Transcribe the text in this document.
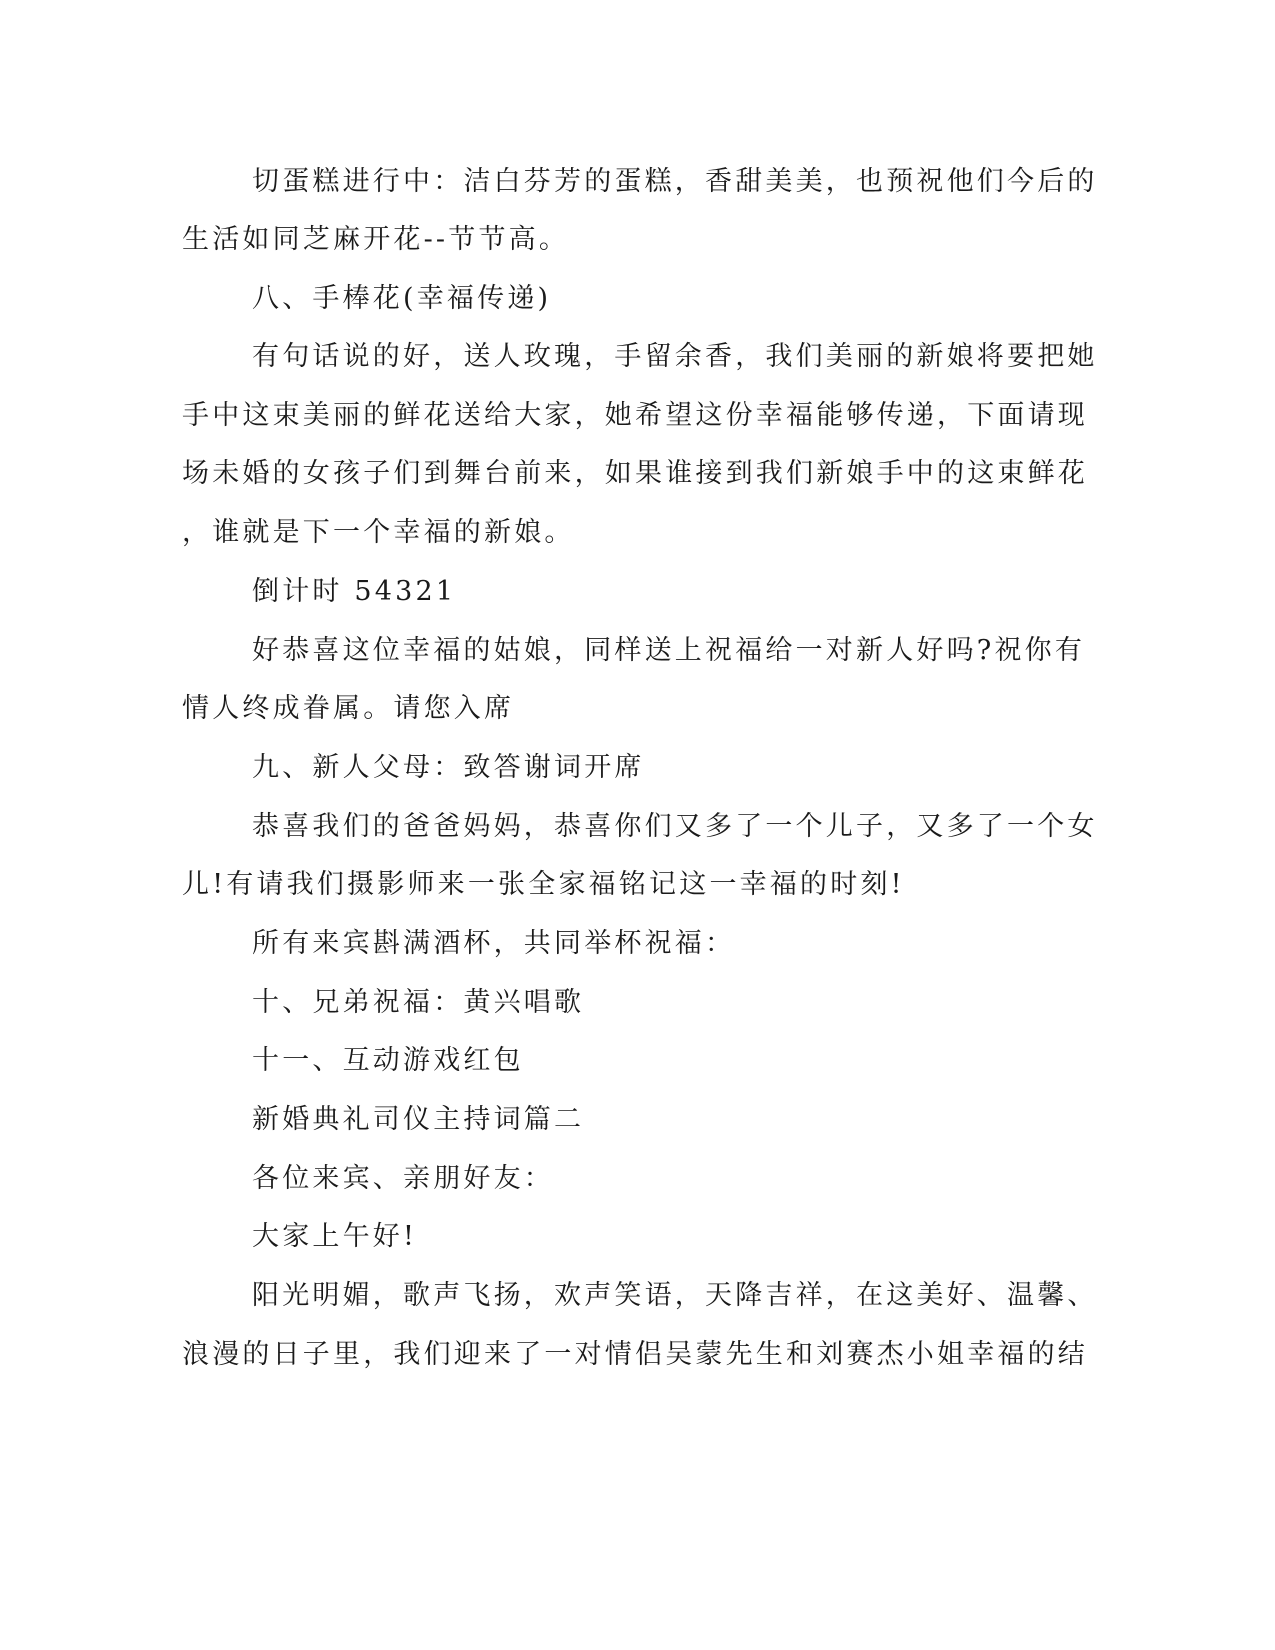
切蛋糕进行中：洁白芬芳的蛋糕，香甜美美，也预祝他们今后的
生活如同芝麻开花--节节高。
八、手棒花(幸福传递)
有句话说的好，送人玫瑰，手留余香，我们美丽的新娘将要把她
手中这束美丽的鲜花送给大家，她希望这份幸福能够传递，下面请现
场未婚的女孩子们到舞台前来，如果谁接到我们新娘手中的这束鲜花
，谁就是下一个幸福的新娘。
倒计时 54321
好恭喜这位幸福的姑娘，同样送上祝福给一对新人好吗?祝你有
情人终成眷属。请您入席
九、新人父母：致答谢词开席
恭喜我们的爸爸妈妈，恭喜你们又多了一个儿子，又多了一个女
儿!有请我们摄影师来一张全家福铭记这一幸福的时刻!
所有来宾斟满酒杯，共同举杯祝福：
十、兄弟祝福：黄兴唱歌
十一、互动游戏红包
新婚典礼司仪主持词篇二
各位来宾、亲朋好友：
大家上午好!
阳光明媚，歌声飞扬，欢声笑语，天降吉祥，在这美好、温馨、
浪漫的日子里，我们迎来了一对情侣吴蒙先生和刘赛杰小姐幸福的结
